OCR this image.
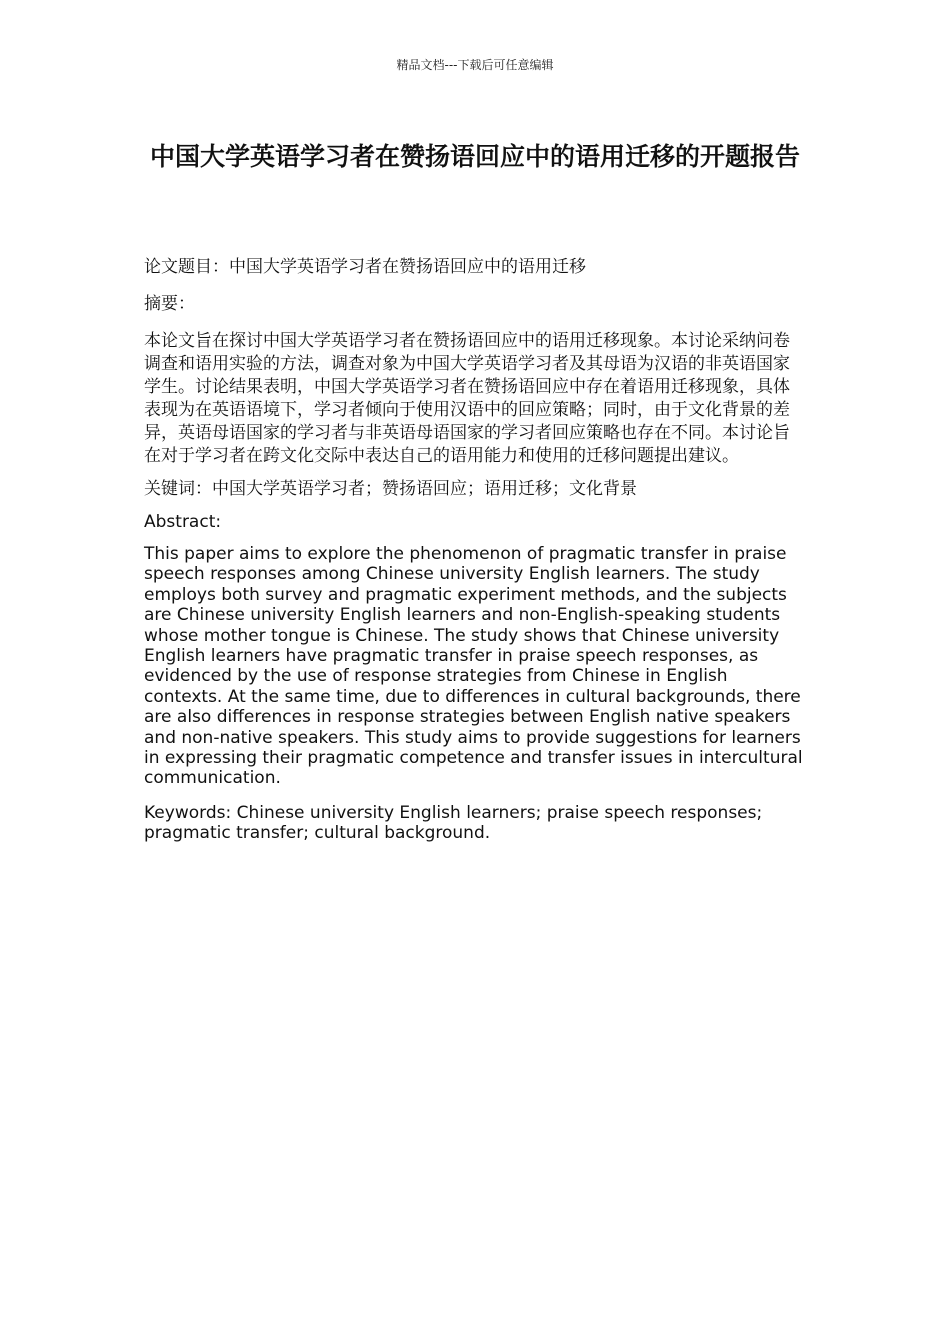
精品文档---下载后可任意编辑
中国大学英语学习者在赞扬语回应中的语用迁移的开题报告

论文题目：中国大学英语学习者在赞扬语回应中的语用迁移

摘要：

本论文旨在探讨中国大学英语学习者在赞扬语回应中的语用迁移现象。本讨论采纳问卷调查和语用实验的方法，调查对象为中国大学英语学习者及其母语为汉语的非英语国家学生。讨论结果表明，中国大学英语学习者在赞扬语回应中存在着语用迁移现象，具体表现为在英语语境下，学习者倾向于使用汉语中的回应策略；同时，由于文化背景的差异，英语母语国家的学习者与非英语母语国家的学习者回应策略也存在不同。本讨论旨在对于学习者在跨文化交际中表达自己的语用能力和使用的迁移问题提出建议。

关键词：中国大学英语学习者；赞扬语回应；语用迁移；文化背景

Abstract:

This paper aims to explore the phenomenon of pragmatic transfer in praise speech responses among Chinese university English learners. The study employs both survey and pragmatic experiment methods, and the subjects are Chinese university English learners and non-English-speaking students whose mother tongue is Chinese. The study shows that Chinese university English learners have pragmatic transfer in praise speech responses, as evidenced by the use of response strategies from Chinese in English contexts. At the same time, due to differences in cultural backgrounds, there are also differences in response strategies between English native speakers and non-native speakers. This study aims to provide suggestions for learners in expressing their pragmatic competence and transfer issues in intercultural communication.

Keywords: Chinese university English learners; praise speech responses; pragmatic transfer; cultural background.
